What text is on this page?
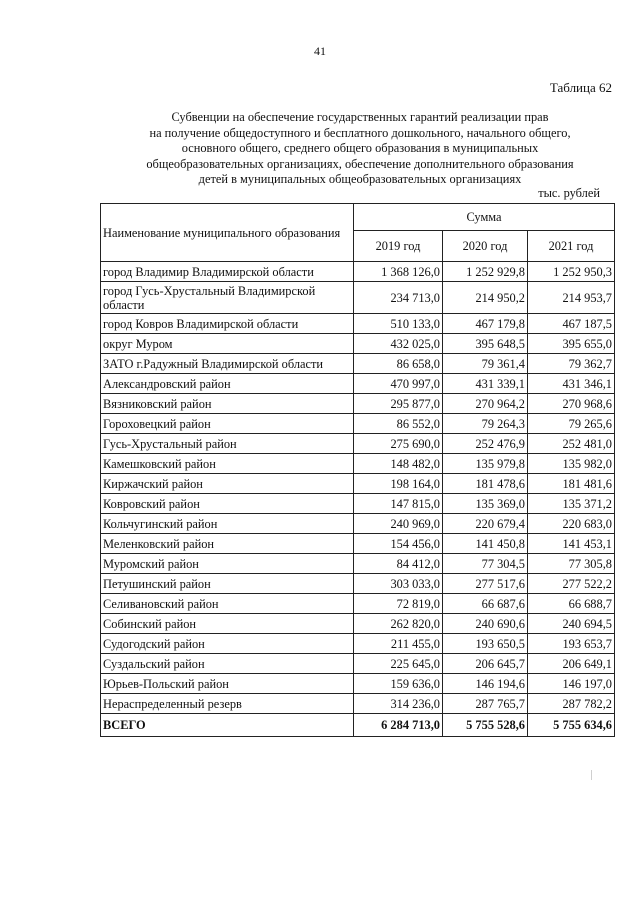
41
Таблица 62
Субвенции на обеспечение государственных гарантий реализации прав
на получение общедоступного и бесплатного дошкольного, начального общего,
основного общего, среднего общего образования в муниципальных
общеобразовательных организациях, обеспечение дополнительного образования
детей в муниципальных общеобразовательных организациях
тыс. рублей
Наименование муниципального образования	Сумма		
	2019 год	2020 год	2021 год
город Владимир Владимирской области	1 368 126,0	1 252 929,8	1 252 950,3
город Гусь-Хрустальный Владимирской области	234 713,0	214 950,2	214 953,7
город Ковров Владимирской области	510 133,0	467 179,8	467 187,5
округ Муром	432 025,0	395 648,5	395 655,0
ЗАТО г.Радужный Владимирской области	86 658,0	79 361,4	79 362,7
Александровский район	470 997,0	431 339,1	431 346,1
Вязниковский район	295 877,0	270 964,2	270 968,6
Гороховецкий район	86 552,0	79 264,3	79 265,6
Гусь-Хрустальный район	275 690,0	252 476,9	252 481,0
Камешковский район	148 482,0	135 979,8	135 982,0
Киржачский район	198 164,0	181 478,6	181 481,6
Ковровский район	147 815,0	135 369,0	135 371,2
Кольчугинский район	240 969,0	220 679,4	220 683,0
Меленковский район	154 456,0	141 450,8	141 453,1
Муромский район	84 412,0	77 304,5	77 305,8
Петушинский район	303 033,0	277 517,6	277 522,2
Селивановский район	72 819,0	66 687,6	66 688,7
Собинский район	262 820,0	240 690,6	240 694,5
Судогодский район	211 455,0	193 650,5	193 653,7
Суздальский район	225 645,0	206 645,7	206 649,1
Юрьев-Польский район	159 636,0	146 194,6	146 197,0
Нераспределенный резерв	314 236,0	287 765,7	287 782,2
ВСЕГО	6 284 713,0	5 755 528,6	5 755 634,6
